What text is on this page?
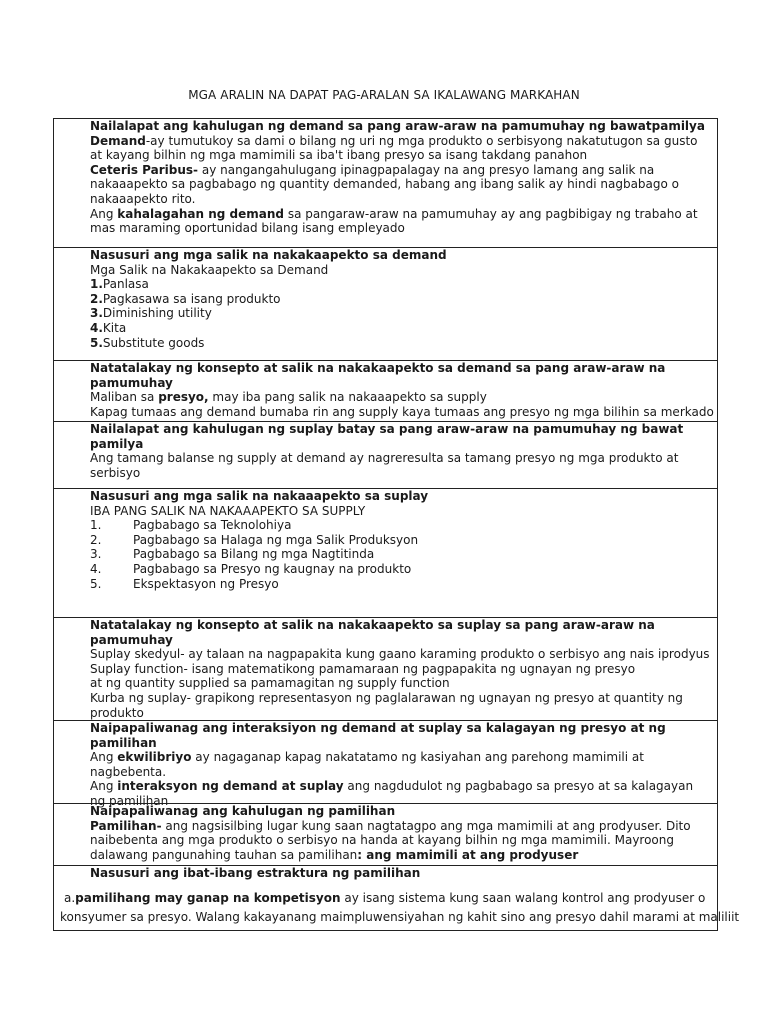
MGA ARALIN NA DAPAT PAG-ARALAN SA IKALAWANG MARKAHAN
Nailalapat ang kahulugan ng demand sa pang araw-araw na pamumuhay ng bawatpamilya
Demand-ay tumutukoy sa dami o bilang ng uri ng mga produkto o serbisyong nakatutugon sa gusto at kayang bilhin ng mga mamimili sa iba't ibang presyo sa isang takdang panahon
Ceteris Paribus- ay nangangahulugang ipinagpapalagay na ang presyo lamang ang salik na nakaaapekto sa pagbabago ng quantity demanded, habang ang ibang salik ay hindi nagbabago o nakaaapekto rito.
Ang kahalagahan ng demand sa pangaraw-araw na pamumuhay ay ang pagbibigay ng trabaho at mas maraming oportunidad bilang isang empleyado
Nasusuri ang mga salik na nakakaapekto sa demand
Mga Salik na Nakakaapekto sa Demand
1.Panlasa
2.Pagkasawa sa isang produkto
3.Diminishing utility
4.Kita
5.Substitute goods
Natatalakay ng konsepto at salik na nakakaapekto sa demand sa pang araw-araw na pamumuhay
Maliban sa presyo, may iba pang salik na nakaaapekto sa supply
Kapag tumaas ang demand bumaba rin ang supply kaya tumaas ang presyo ng mga bilihin sa merkado
Nailalapat ang kahulugan ng suplay batay sa pang araw-araw na pamumuhay ng bawat pamilya
Ang tamang balanse ng supply at demand ay nagreresulta sa tamang presyo ng mga produkto at serbisyo
Nasusuri ang mga salik na nakaaapekto sa suplay
IBA PANG SALIK NA NAKAAAPEKTO SA SUPPLY
1.	Pagbabago sa Teknolohiya
2.	Pagbabago sa Halaga ng mga Salik Produksyon
3.	Pagbabago sa Bilang ng mga Nagtitinda
4.	Pagbabago sa Presyo ng kaugnay na produkto
5.	Ekspektasyon ng Presyo
Natatalakay ng konsepto at salik na nakakaapekto sa suplay sa pang araw-araw na pamumuhay
Suplay skedyul- ay talaan na nagpapakita kung gaano karaming produkto o serbisyo ang nais iprodyus
Suplay function- isang matematikong pamamaraan ng pagpapakita ng ugnayan ng presyo
at ng quantity supplied sa pamamagitan ng supply function
Kurba ng suplay- grapikong representasyon ng paglalarawan ng ugnayan ng presyo at quantity ng produkto
Naipapaliwanag ang interaksiyon ng demand at suplay sa kalagayan ng presyo at ng pamilihan
Ang ekwilibriyo ay nagaganap kapag nakatatamo ng kasiyahan ang parehong mamimili at nagbebenta.
Ang interaksyon ng demand at suplay ang nagdudulot ng pagbabago sa presyo at sa kalagayan ng pamilihan
Naipapaliwanag ang kahulugan ng pamilihan
Pamilihan- ang nagsisilbing lugar kung saan nagtatagpo ang mga mamimili at ang prodyuser. Dito naibebenta ang mga produkto o serbisyo na handa at kayang bilhin ng mga mamimili. Mayroong dalawang pangunahing tauhan sa pamilihan: ang mamimili at ang prodyuser
Nasusuri ang ibat-ibang estraktura ng pamilihan
a.pamilihang may ganap na kompetisyon ay isang sistema kung saan walang kontrol ang prodyuser o
konsyumer sa presyo. Walang kakayanang maimpluwensiyahan ng kahit sino ang presyo dahil marami at maliliit
